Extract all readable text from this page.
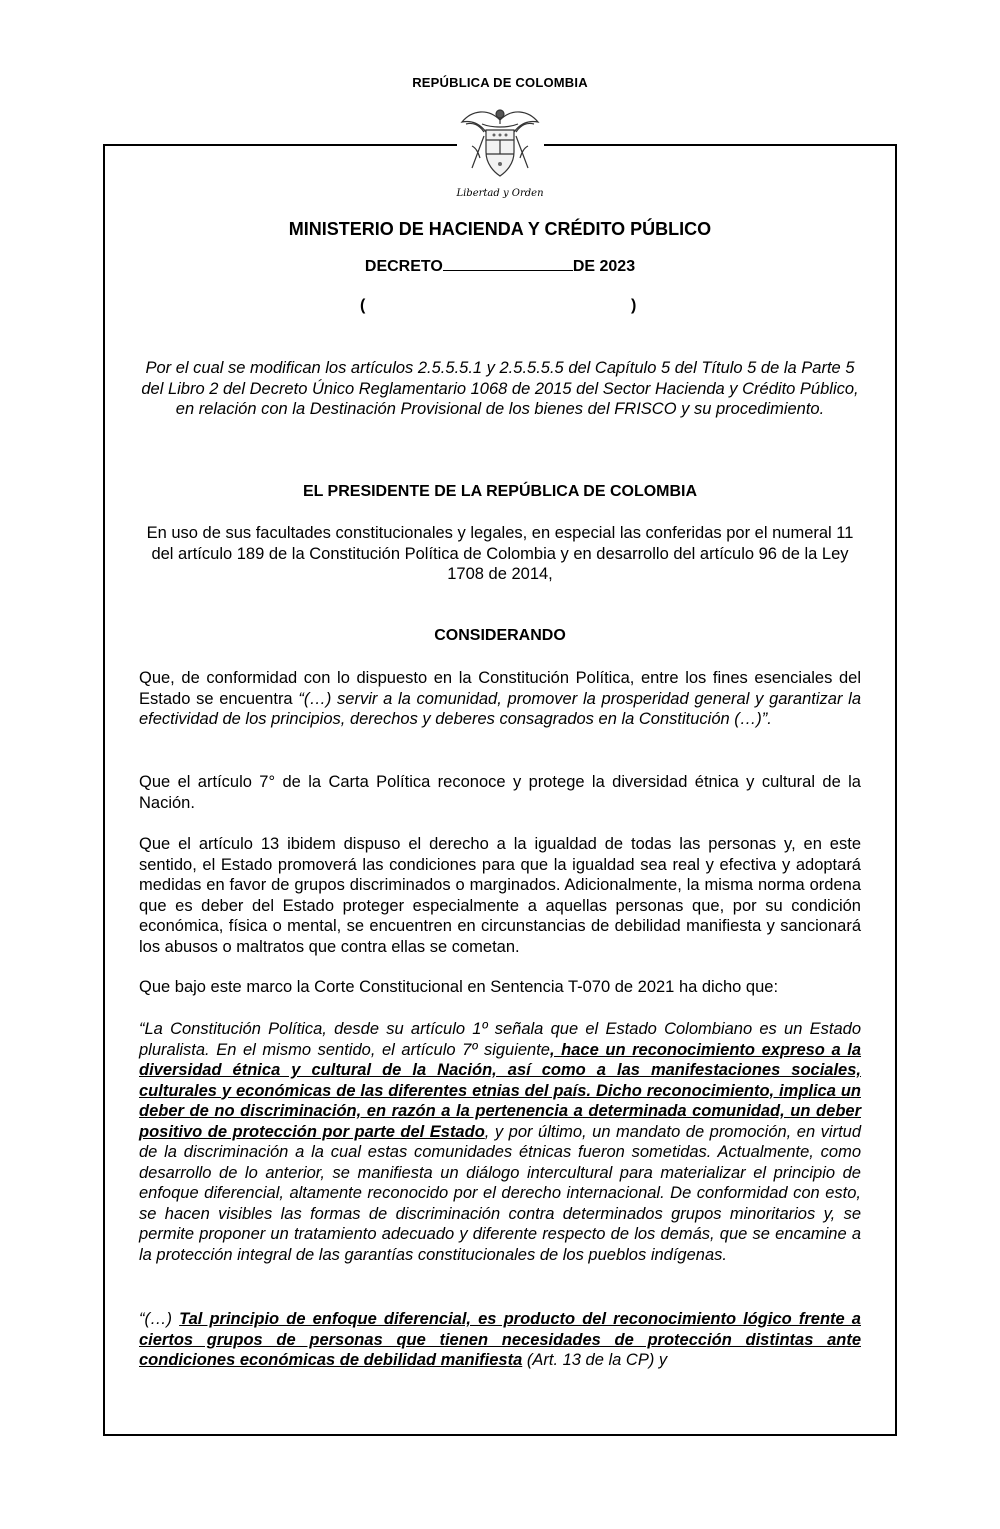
REPÚBLICA DE COLOMBIA
Libertad y Orden
MINISTERIO DE HACIENDA Y CRÉDITO PÚBLICO
DECRETO	DE 2023
(	)
Por el cual se modifican los artículos 2.5.5.5.1 y 2.5.5.5.5 del Capítulo 5 del Título 5 de la Parte 5 del Libro 2 del Decreto Único Reglamentario 1068 de 2015 del Sector Hacienda y Crédito Público, en relación con la Destinación Provisional de los bienes del FRISCO y su procedimiento.
EL PRESIDENTE DE LA REPÚBLICA DE COLOMBIA
En uso de sus facultades constitucionales y legales, en especial las conferidas por el numeral 11 del artículo 189 de la Constitución Política de Colombia y en desarrollo del artículo 96 de la Ley 1708 de 2014,
CONSIDERANDO
Que, de conformidad con lo dispuesto en la Constitución Política, entre los fines esenciales del Estado se encuentra “(…) servir a la comunidad, promover la prosperidad general y garantizar la efectividad de los principios, derechos y deberes consagrados en la Constitución (…)”.
Que el artículo 7° de la Carta Política reconoce y protege la diversidad étnica y cultural de la Nación.
Que el artículo 13 ibidem dispuso el derecho a la igualdad de todas las personas y, en este sentido, el Estado promoverá las condiciones para que la igualdad sea real y efectiva y adoptará medidas en favor de grupos discriminados o marginados. Adicionalmente, la misma norma ordena que es deber del Estado proteger especialmente a aquellas personas que, por su condición económica, física o mental, se encuentren en circunstancias de debilidad manifiesta y sancionará los abusos o maltratos que contra ellas se cometan.
Que bajo este marco la Corte Constitucional en Sentencia T-070 de 2021 ha dicho que:
“La Constitución Política, desde su artículo 1º señala que el Estado Colombiano es un Estado pluralista. En el mismo sentido, el artículo 7º siguiente, hace un reconocimiento expreso a la diversidad étnica y cultural de la Nación, así como a las manifestaciones sociales, culturales y económicas de las diferentes etnias del país. Dicho reconocimiento, implica un deber de no discriminación, en razón a la pertenencia a determinada comunidad, un deber positivo de protección por parte del Estado, y por último, un mandato de promoción, en virtud de la discriminación a la cual estas comunidades étnicas fueron sometidas. Actualmente, como desarrollo de lo anterior, se manifiesta un diálogo intercultural para materializar el principio de enfoque diferencial, altamente reconocido por el derecho internacional. De conformidad con esto, se hacen visibles las formas de discriminación contra determinados grupos minoritarios y, se permite proponer un tratamiento adecuado y diferente respecto de los demás, que se encamine a la protección integral de las garantías constitucionales de los pueblos indígenas.
“(…) Tal principio de enfoque diferencial, es producto del reconocimiento lógico frente a ciertos grupos de personas que tienen necesidades de protección distintas ante condiciones económicas de debilidad manifiesta (Art. 13 de la CP) y
